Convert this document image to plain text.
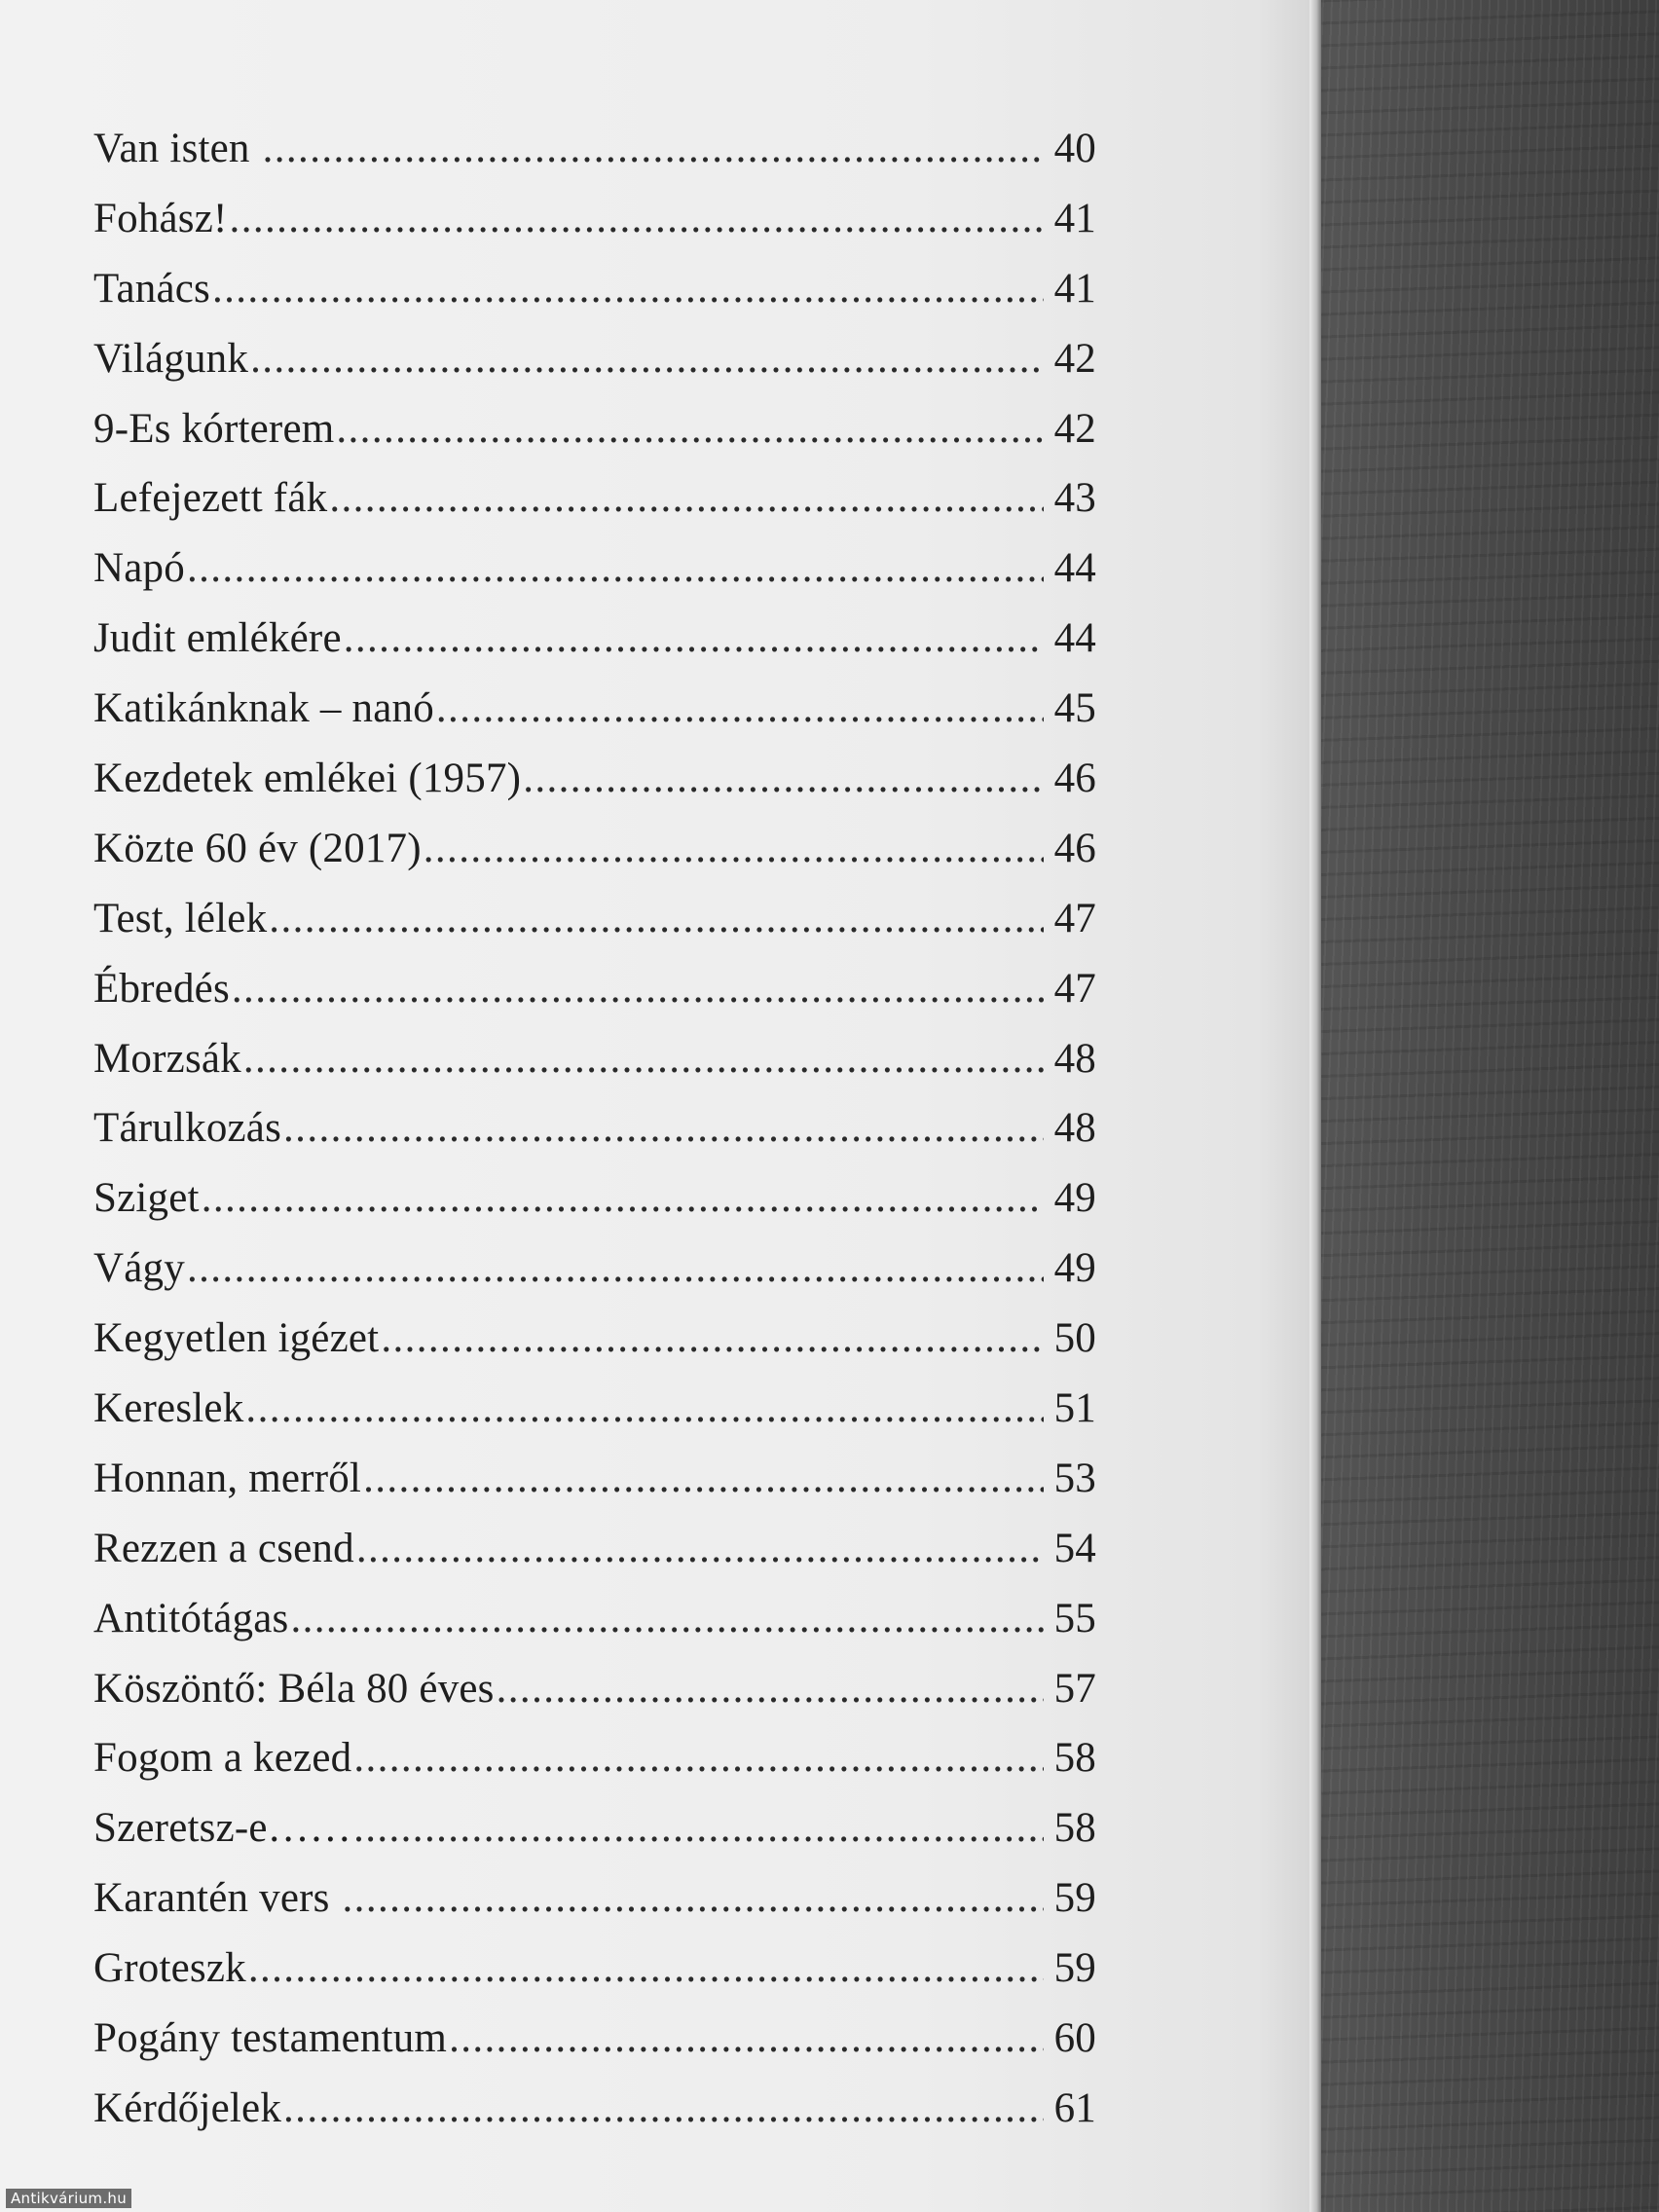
Van isten .....	40
Fohász! .....	41
Tanács .....	41
Világunk .....	42
9-Es kórterem .....	42
Lefejezett fák .....	43
Napó .....	44
Judit emlékére .....	44
Katikánknak – nanó .....	45
Kezdetek emlékei (1957) .....	46
Közte 60 év (2017) .....	46
Test, lélek .....	47
Ébredés .....	47
Morzsák .....	48
Tárulkozás .....	48
Sziget .....	49
Vágy .....	49
Kegyetlen igézet .....	50
Kereslek .....	51
Honnan, merről .....	53
Rezzen a csend .....	54
Antitótágas .....	55
Köszöntő: Béla 80 éves .....	57
Fogom a kezed .....	58
Szeretsz-e…… .....	58
Karantén vers .....	59
Groteszk .....	59
Pogány testamentum .....	60
Kérdőjelek .....	61
Antikvárium.hu
